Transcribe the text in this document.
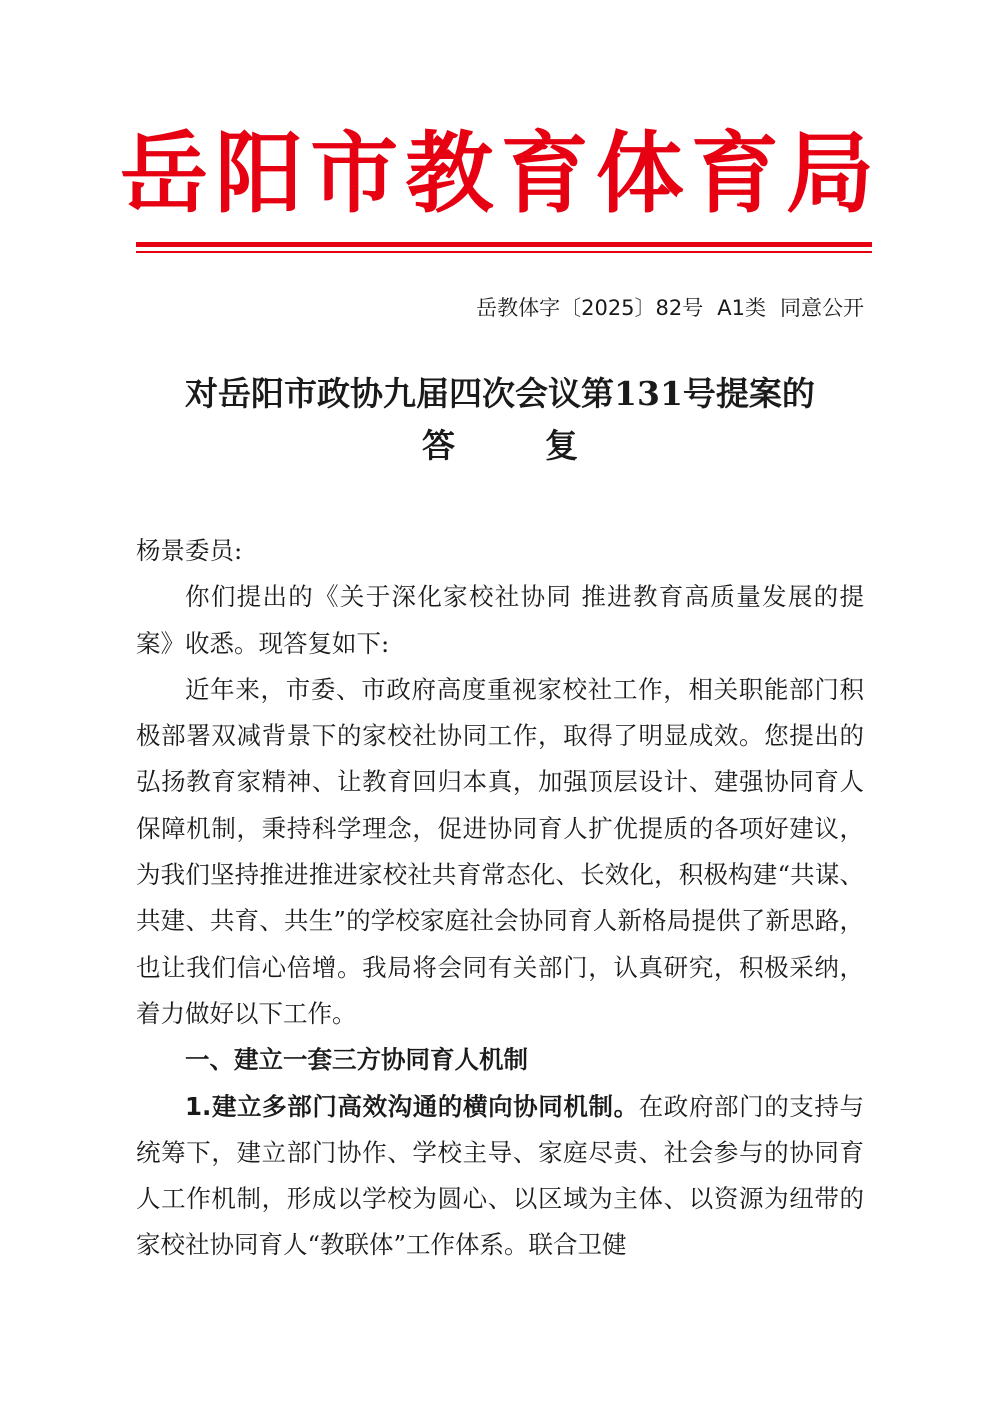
岳 阳 市 教 育 体 育 局
岳教体字〔2025〕82号 A1类 同意公开
对岳阳市政协九届四次会议第131号提案的
答复

杨景委员:

你们提出的《关于深化家校社协同 推进教育高质量发展的提案》收悉。现答复如下:

近年来，市委、市政府高度重视家校社工作，相关职能部门积极部署双减背景下的家校社协同工作，取得了明显成效。您提出的弘扬教育家精神、让教育回归本真，加强顶层设计、建强协同育人保障机制，秉持科学理念，促进协同育人扩优提质的各项好建议，为我们坚持推进推进家校社共育常态化、长效化，积极构建“共谋、共建、共育、共生”的学校家庭社会协同育人新格局提供了新思路，也让我们信心倍增。我局将会同有关部门，认真研究，积极采纳，着力做好以下工作。

一、建立一套三方协同育人机制

1.建立多部门高效沟通的横向协同机制。在政府部门的支持与统筹下，建立部门协作、学校主导、家庭尽责、社会参与的协同育人工作机制，形成以学校为圆心、以区域为主体、以资源为纽带的家校社协同育人“教联体”工作体系。联合卫健
